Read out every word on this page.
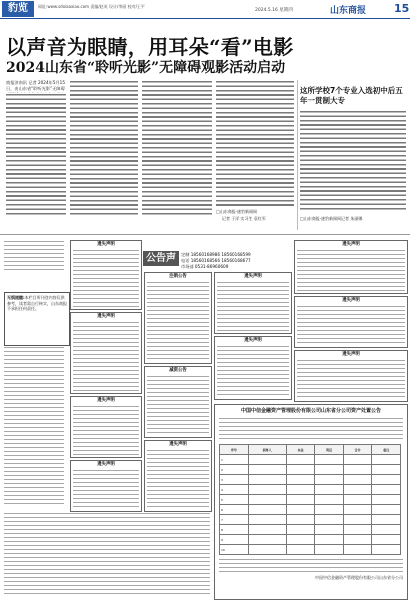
豹览	网址:www.sdxiaoxiao.com 责编/赵英 设计/李丽 校对/王平
2024.5.16 星期四	山东商报	15
以声音为眼睛，用耳朵“看”电影
2024山东省“聆听光影”无障碍观影活动启动
商报济南讯 记者 2024年5月15日，由山东省“聆听光影”无障碍
□山东商报·速豹新闻网
记者 于洋 实习生 袁红军
这所学校7个专业入选初中后五年一贯制大专
□山东商报·速豹新闻网记者 朱丽娜
无惧提醒:本栏目所刊登内容仅供参考，读者需自行核实，山东商报不承担任何责任。
公告声明
定制 18560168986 18560168599
电话 18560168566 18560168677
市场部 0531-86960609
遗失声明
遗失声明
遗失声明
遗失声明
注销公告
减资公告
遗失声明
遗失声明
遗失声明
遗失声明
遗失声明
遗失声明
中国中信金融资产管理股份有限公司山东省分公司资产处置公告
序号	债务人	本金	利息	合计	备注
1					
2					
3					
4					
5					
6					
7					
8					
9					
10					
中国中信金融资产管理股份有限公司山东省分公司
